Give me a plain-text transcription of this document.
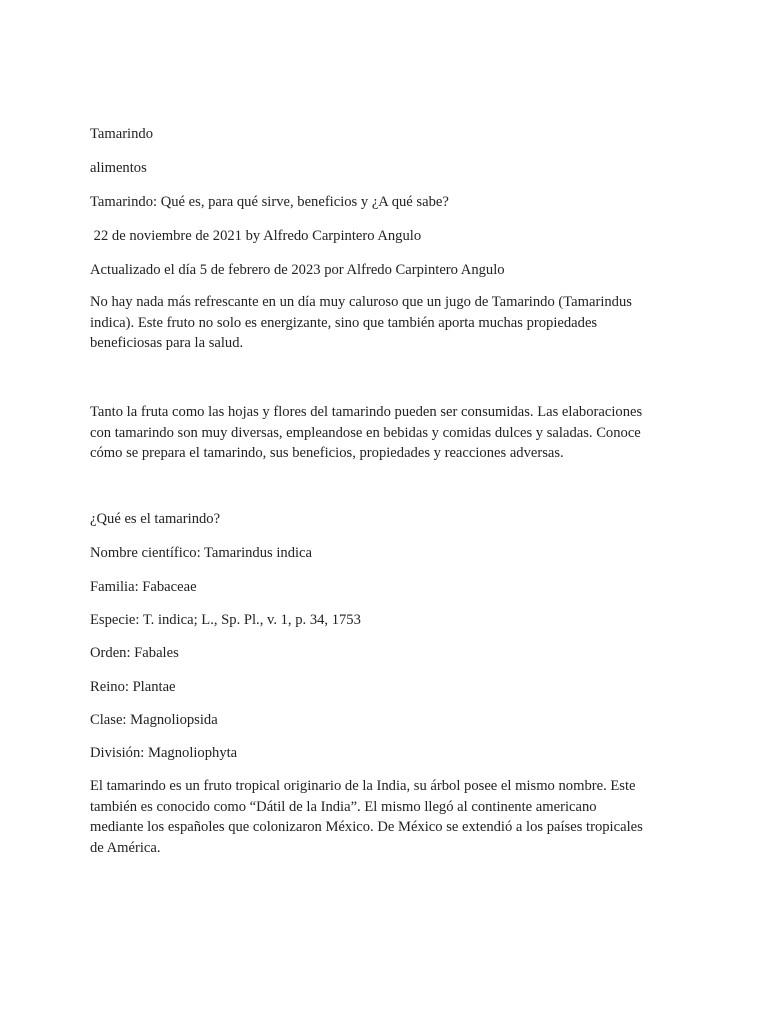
Tamarindo
alimentos
Tamarindo: Qué es, para qué sirve, beneficios y ¿A qué sabe?
22 de noviembre de 2021 by Alfredo Carpintero Angulo
Actualizado el día 5 de febrero de 2023 por Alfredo Carpintero Angulo
No hay nada más refrescante en un día muy caluroso que un jugo de Tamarindo (Tamarindus indica). Este fruto no solo es energizante, sino que también aporta muchas propiedades beneficiosas para la salud.
Tanto la fruta como las hojas y flores del tamarindo pueden ser consumidas. Las elaboraciones con tamarindo son muy diversas, empleandose en bebidas y comidas dulces y saladas. Conoce cómo se prepara el tamarindo, sus beneficios, propiedades y reacciones adversas.
¿Qué es el tamarindo?
Nombre científico: Tamarindus indica
Familia: Fabaceae
Especie: T. indica; L., Sp. Pl., v. 1, p. 34, 1753
Orden: Fabales
Reino: Plantae
Clase: Magnoliopsida
División: Magnoliophyta
El tamarindo es un fruto tropical originario de la India, su árbol posee el mismo nombre. Este también es conocido como “Dátil de la India”. El mismo llegó al continente americano mediante los españoles que colonizaron México. De México se extendió a los países tropicales de América.
